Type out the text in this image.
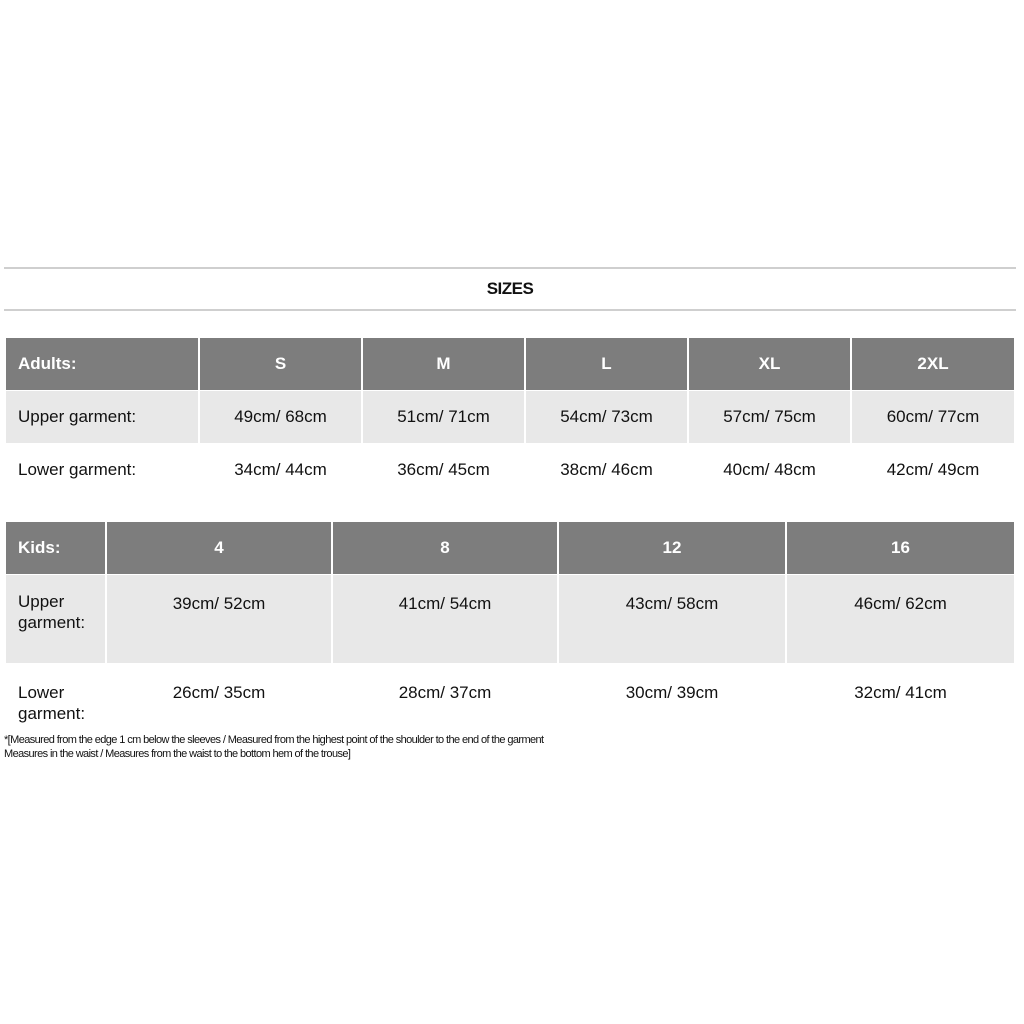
SIZES
Adults:	S	M	L	XL	2XL
Upper garment:	49cm/ 68cm	51cm/ 71cm	54cm/ 73cm	57cm/ 75cm	60cm/ 77cm
Lower garment:	34cm/ 44cm	36cm/ 45cm	38cm/ 46cm	40cm/ 48cm	42cm/ 49cm
Kids:	4	8	12	16
Upper
garment:	39cm/ 52cm	41cm/ 54cm	43cm/ 58cm	46cm/ 62cm
Lower
garment:	26cm/ 35cm	28cm/ 37cm	30cm/ 39cm	32cm/ 41cm
*[Measured from the edge 1 cm below the sleeves / Measured from the highest point of the shoulder to the end of the garment
Measures in the waist / Measures from the waist to the bottom hem of the trouse]
